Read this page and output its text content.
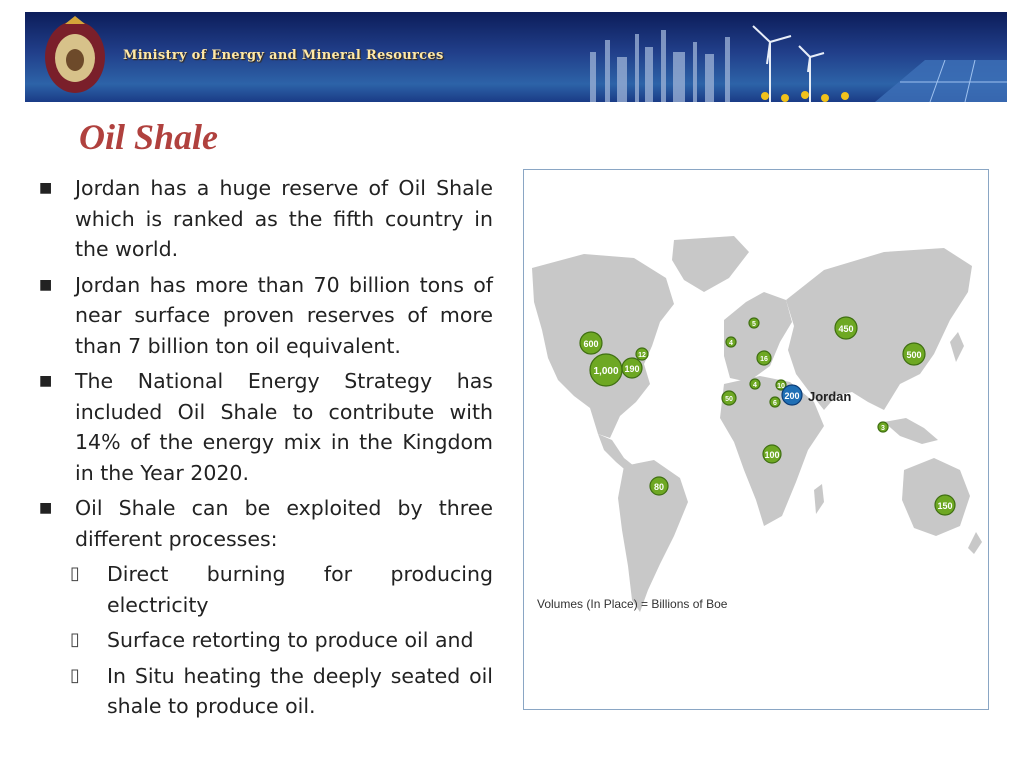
Ministry of Energy and Mineral Resources
Oil Shale
■ Jordan has a huge reserve of Oil Shale which is ranked as the fifth country in the world.
■ Jordan has more than 70 billion tons of near surface proven reserves of more than 7 billion ton oil equivalent.
■ The National Energy Strategy has included Oil Shale to contribute with 14% of the energy mix in the Kingdom in the Year 2020.
■ Oil Shale can be exploited by three different processes:
▯ Direct burning for producing electricity
▯ Surface retorting to produce oil and
▯ In Situ heating the deeply seated oil shale to produce oil.
600
1,000 190
12
5
4
16
450
500
4	10
50
6
200
3
100
80
150
Jordan
Volumes (In Place) = Billions of Boe
